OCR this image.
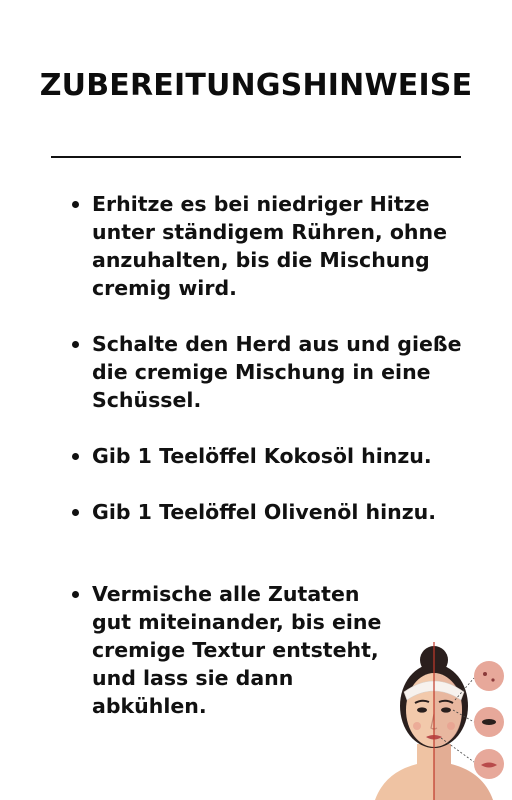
ZUBEREITUNGSHINWEISE

Erhitze es bei niedriger Hitze unter ständigem Rühren, ohne anzuhalten, bis die Mischung cremig wird.

Schalte den Herd aus und gieße die cremige Mischung in eine Schüssel.

Gib 1 Teelöffel Kokosöl hinzu.

Gib 1 Teelöffel Olivenöl hinzu.

Vermische alle Zutaten gut miteinander, bis eine cremige Textur entsteht, und lass sie dann abkühlen.
